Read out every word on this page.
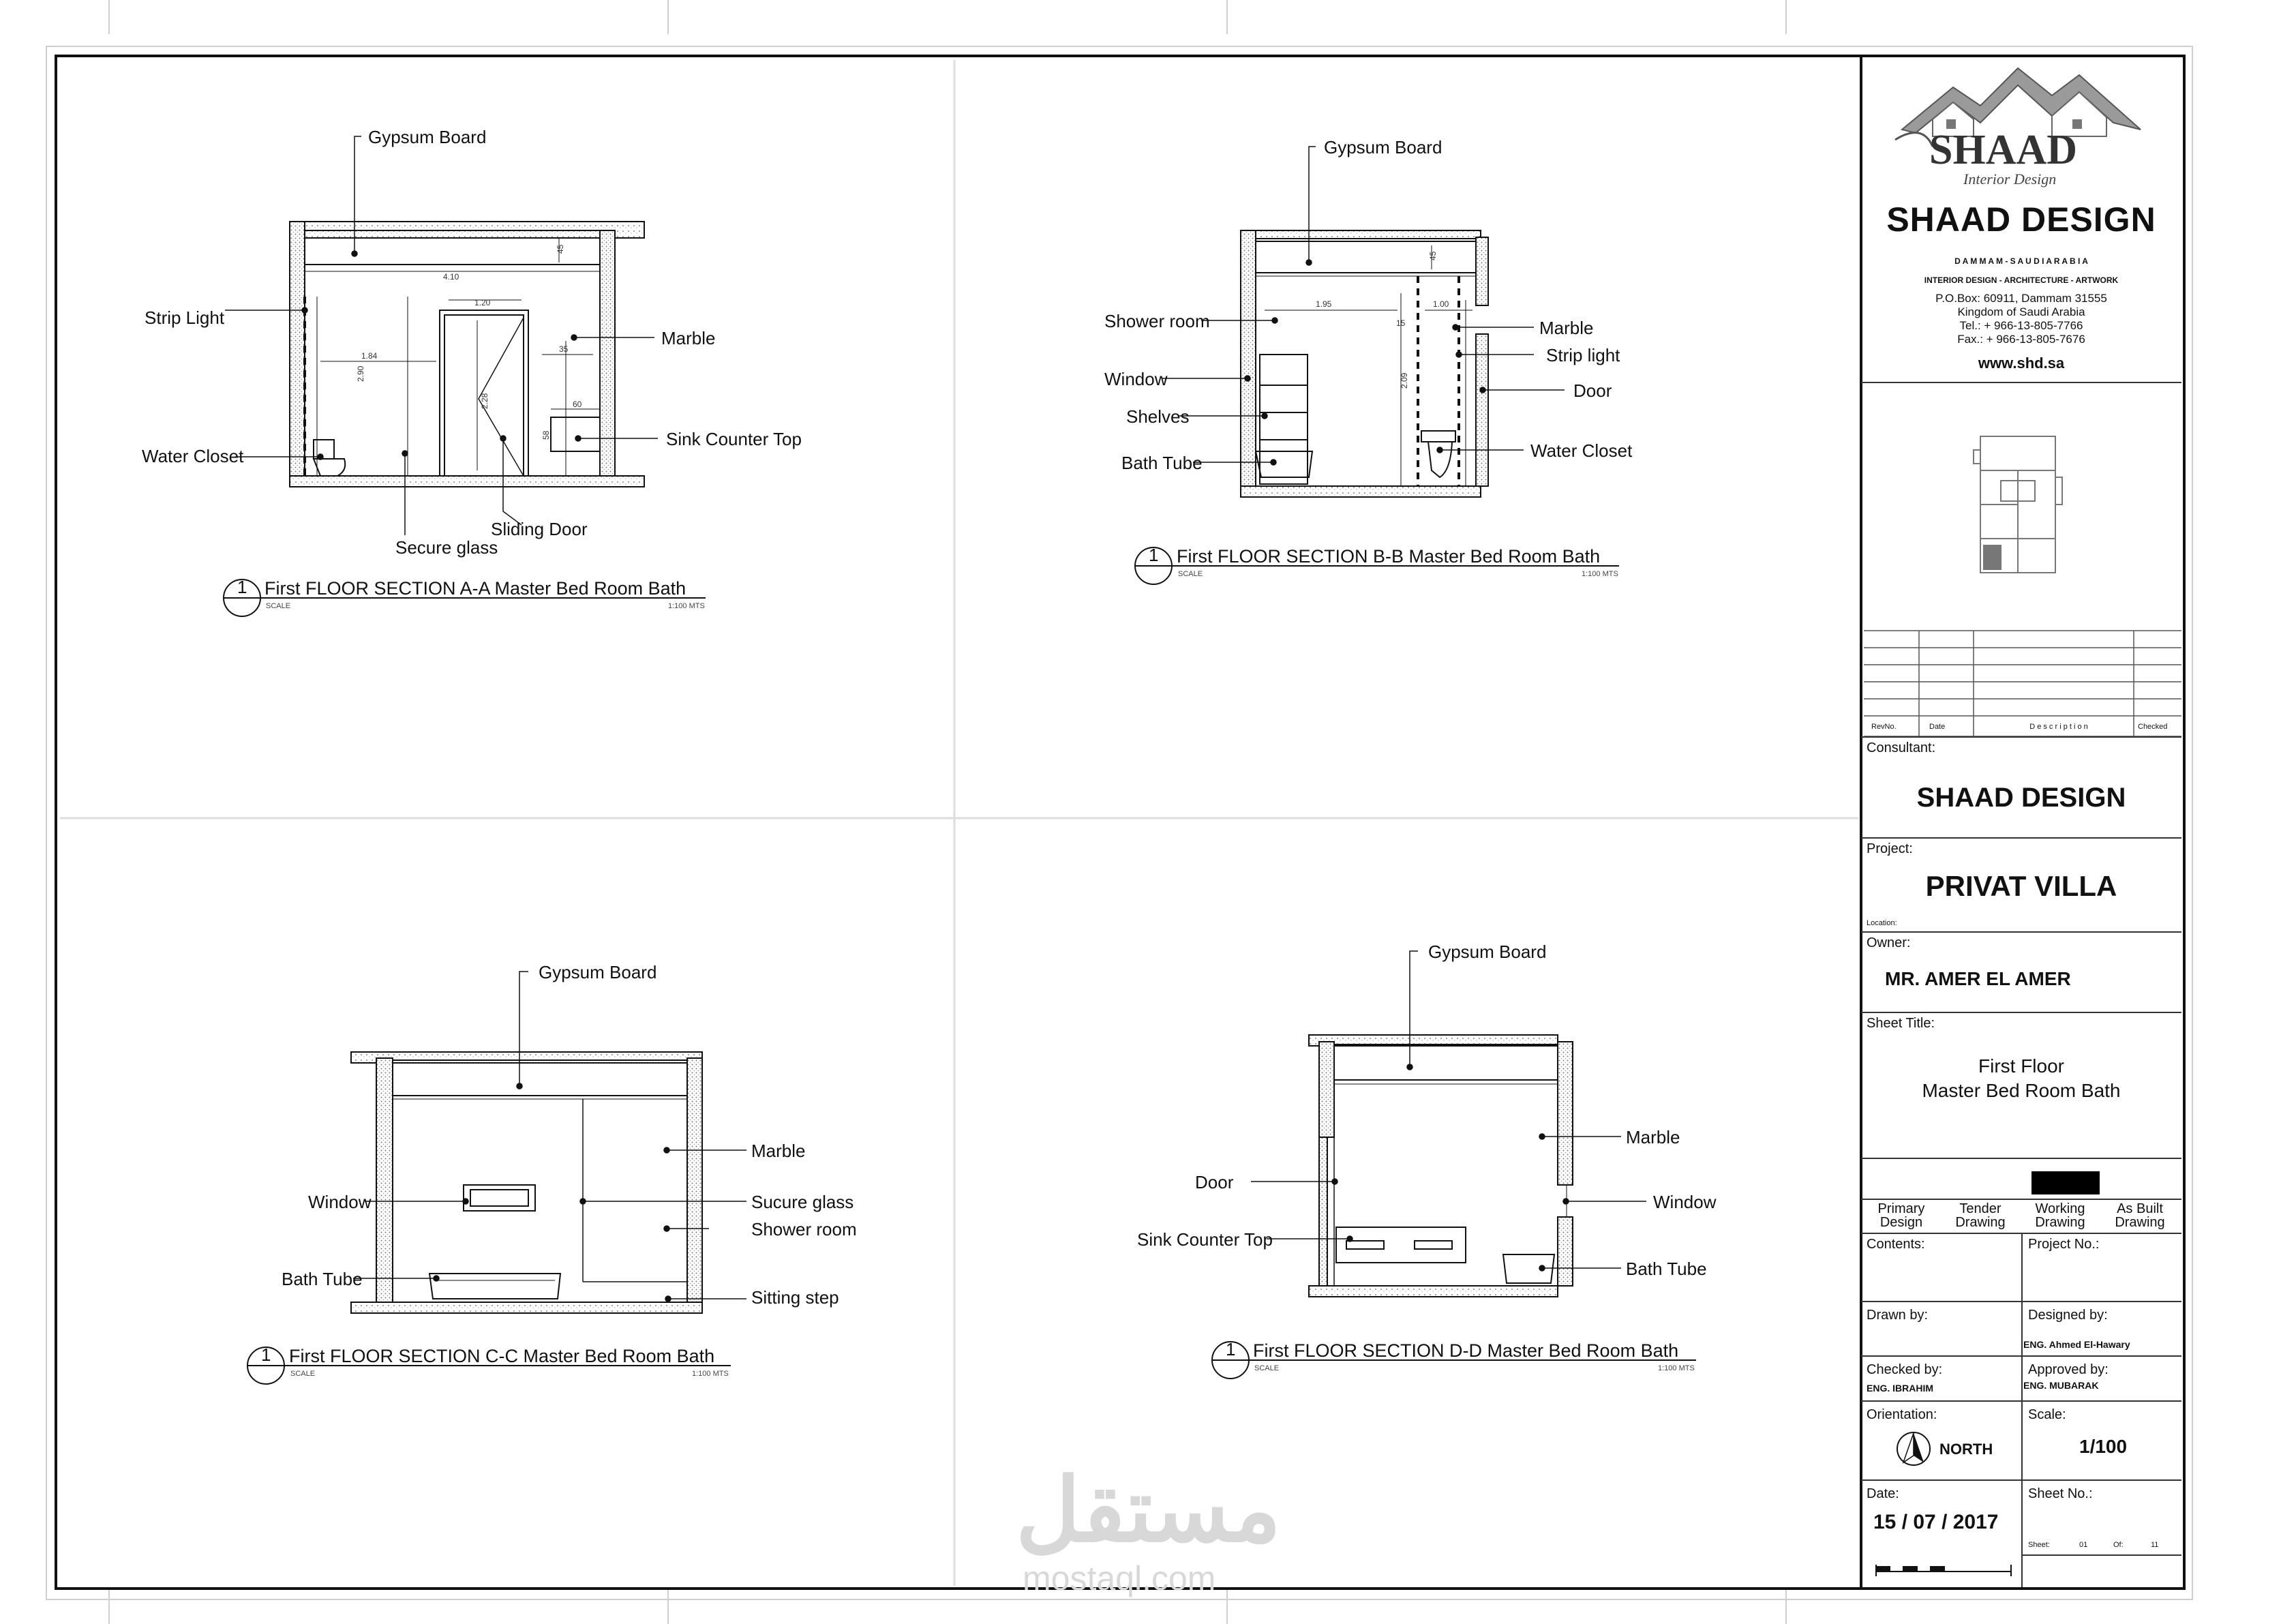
45
4.10
1.20
35
1.84
2.90
2.28	60
58
Gypsum Board
Strip Light
Marble
Sink Counter Top
Water Closet
Sliding Door
Secure glass
1 First FLOOR SECTION A-A Master Bed Room Bath
SCALE	1:100 MTS
45
1.95	1.00
15
2.09
Gypsum Board
Shower room	Marble
Strip light
Window
Door
Shelves
Water Closet
Bath Tube
1 First FLOOR SECTION B-B Master Bed Room Bath
SCALE	1:100 MTS
Gypsum Board
Marble
Window	Sucure glass
Shower room
Bath Tube
Sitting step
1 First FLOOR SECTION C-C Master Bed Room Bath
SCALE	1:100 MTS
Gypsum Board
Marble
Door
Window
Sink Counter Top
Bath Tube
1 First FLOOR SECTION D-D Master Bed Room Bath
SCALE	1:100 MTS
SHAAD
Interior Design
SHAAD DESIGN
D A M M A M - S A U D I A R A B I A
INTERIOR DESIGN - ARCHITECTURE - ARTWORK
P.O.Box: 60911, Dammam 31555
Kingdom of Saudi Arabia
Tel.: + 966-13-805-7766
Fax.: + 966-13-805-7676
www.shd.sa
RevNo.	Date	D e s c r i p t i o n	Checked
Consultant:
SHAAD DESIGN
Project:
PRIVAT VILLA
Location:
Owner:
MR. AMER EL AMER
Sheet Title:
First Floor
Master Bed Room Bath
Primary
Design
Tender
Drawing
Working
Drawing
As Built
Drawing
Contents:	Project No.:
Drawn by:	Designed by:
ENG. Ahmed El-Hawary
Checked by:
ENG. IBRAHIM
Approved by:
ENG. MUBARAK
Orientation:
NORTH
Scale:
1/100
Date:
15 / 07 / 2017
Sheet No.:
Sheet:	01	Of:	11
مستقل
mostaql.com
